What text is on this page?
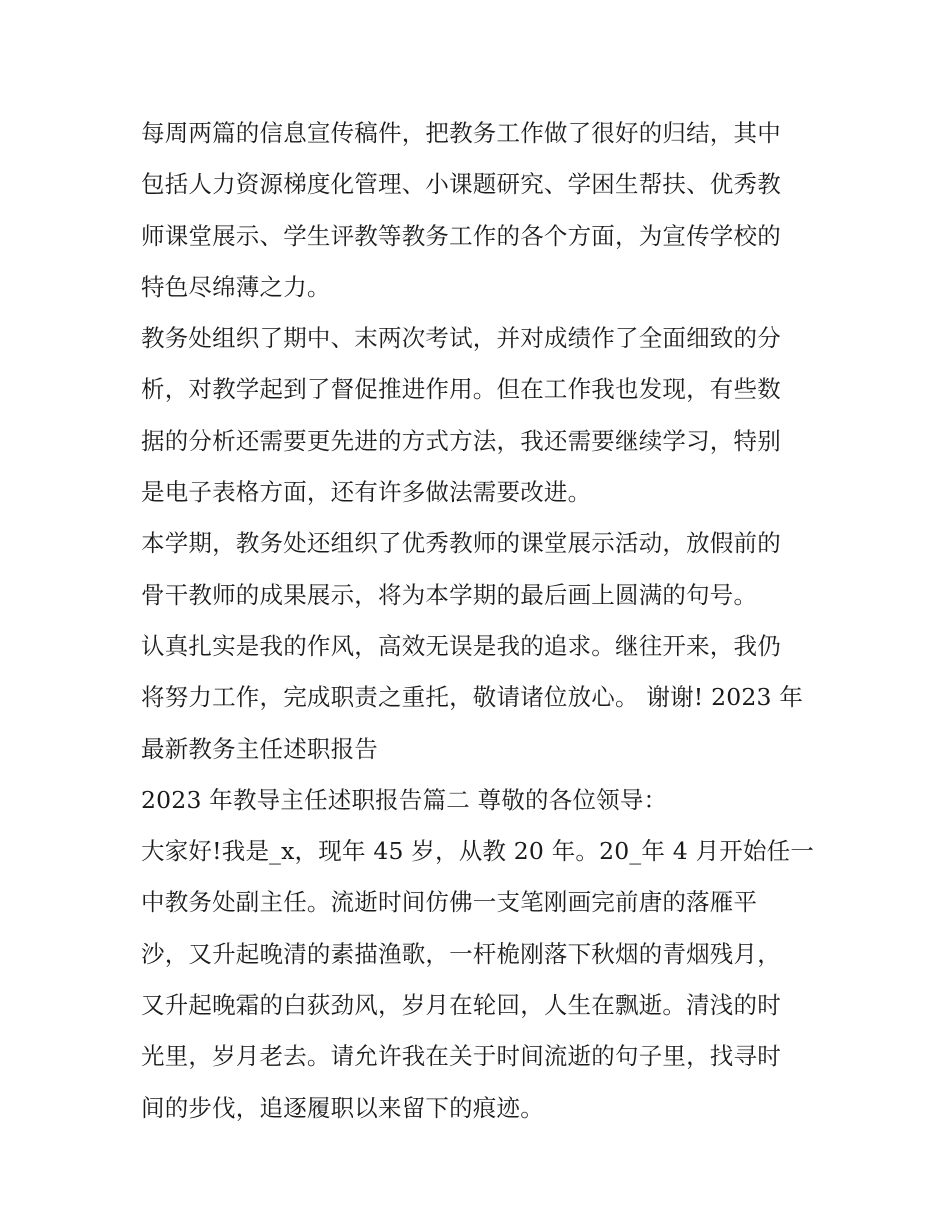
每周两篇的信息宣传稿件，把教务工作做了很好的归结，其中
包括人力资源梯度化管理、小课题研究、学困生帮扶、优秀教
师课堂展示、学生评教等教务工作的各个方面，为宣传学校的
特色尽绵薄之力。
教务处组织了期中、末两次考试，并对成绩作了全面细致的分
析，对教学起到了督促推进作用。但在工作我也发现，有些数
据的分析还需要更先进的方式方法，我还需要继续学习，特别
是电子表格方面，还有许多做法需要改进。
本学期，教务处还组织了优秀教师的课堂展示活动，放假前的
骨干教师的成果展示，将为本学期的最后画上圆满的句号。
认真扎实是我的作风，高效无误是我的追求。继往开来，我仍
将努力工作，完成职责之重托，敬请诸位放心。 谢谢! 2023 年
最新教务主任述职报告
2023 年教导主任述职报告篇二 尊敬的各位领导：
大家好!我是_x，现年 45 岁，从教 20 年。20_年 4 月开始任一
中教务处副主任。流逝时间仿佛一支笔刚画完前唐的落雁平
沙，又升起晚清的素描渔歌，一杆桅刚落下秋烟的青烟残月，
又升起晚霜的白荻劲风，岁月在轮回，人生在飘逝。清浅的时
光里，岁月老去。请允许我在关于时间流逝的句子里，找寻时
间的步伐，追逐履职以来留下的痕迹。
